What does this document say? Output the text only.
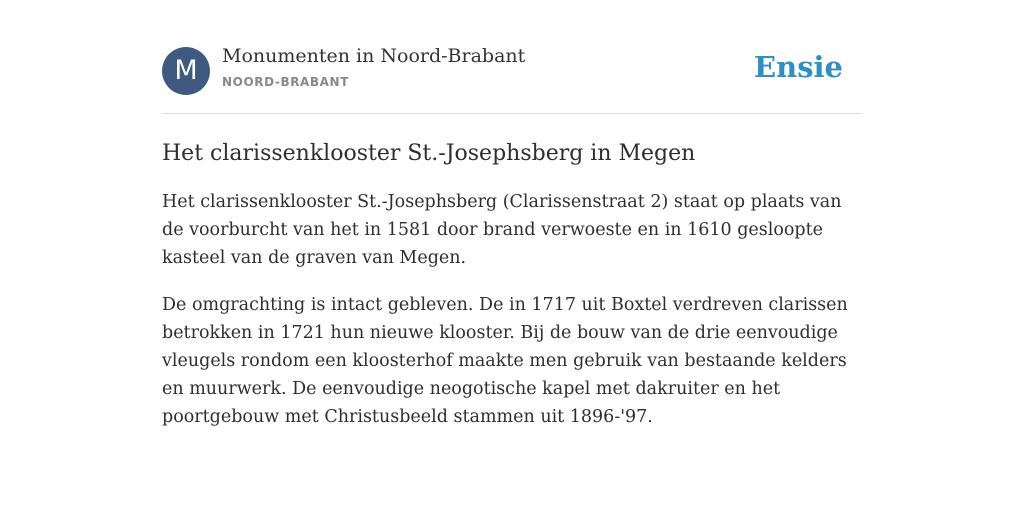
M	Monumenten in Noord-Brabant
NOORD-BRABANT	Ensie
Het clarissenklooster St.-Josephsberg in Megen

Het clarissenklooster St.-Josephsberg (Clarissenstraat 2) staat op plaats van de voorburcht van het in 1581 door brand verwoeste en in 1610 gesloopte kasteel van de graven van Megen.

De omgrachting is intact gebleven. De in 1717 uit Boxtel verdreven clarissen betrokken in 1721 hun nieuwe klooster. Bij de bouw van de drie eenvoudige vleugels rondom een kloosterhof maakte men gebruik van bestaande kelders en muurwerk. De eenvoudige neogotische kapel met dakruiter en het poortgebouw met Christusbeeld stammen uit 1896-'97.
